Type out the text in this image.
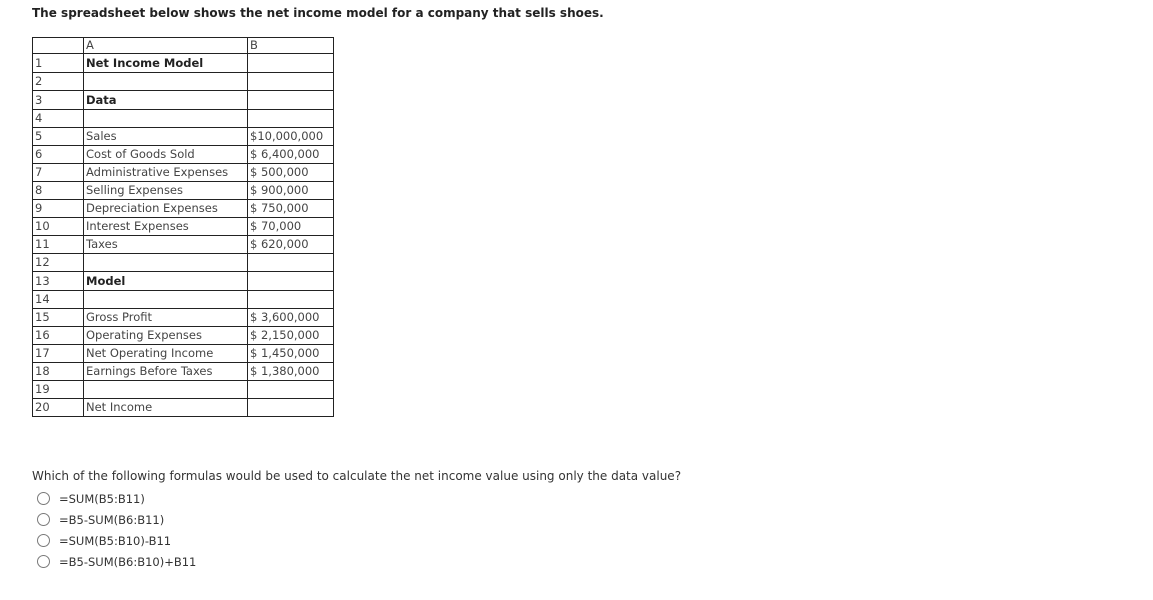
The spreadsheet below shows the net income model for a company that sells shoes.
	A	B
1	Net Income Model	
2		
3	Data	
4		
5	Sales	$10,000,000
6	Cost of Goods Sold	$ 6,400,000
7	Administrative Expenses	$ 500,000
8	Selling Expenses	$ 900,000
9	Depreciation Expenses	$ 750,000
10	Interest Expenses	$ 70,000
11	Taxes	$ 620,000
12		
13	Model	
14		
15	Gross Profit	$ 3,600,000
16	Operating Expenses	$ 2,150,000
17	Net Operating Income	$ 1,450,000
18	Earnings Before Taxes	$ 1,380,000
19		
20	Net Income	
Which of the following formulas would be used to calculate the net income value using only the data value?
=SUM(B5:B11)
=B5-SUM(B6:B11)
=SUM(B5:B10)-B11
=B5-SUM(B6:B10)+B11
